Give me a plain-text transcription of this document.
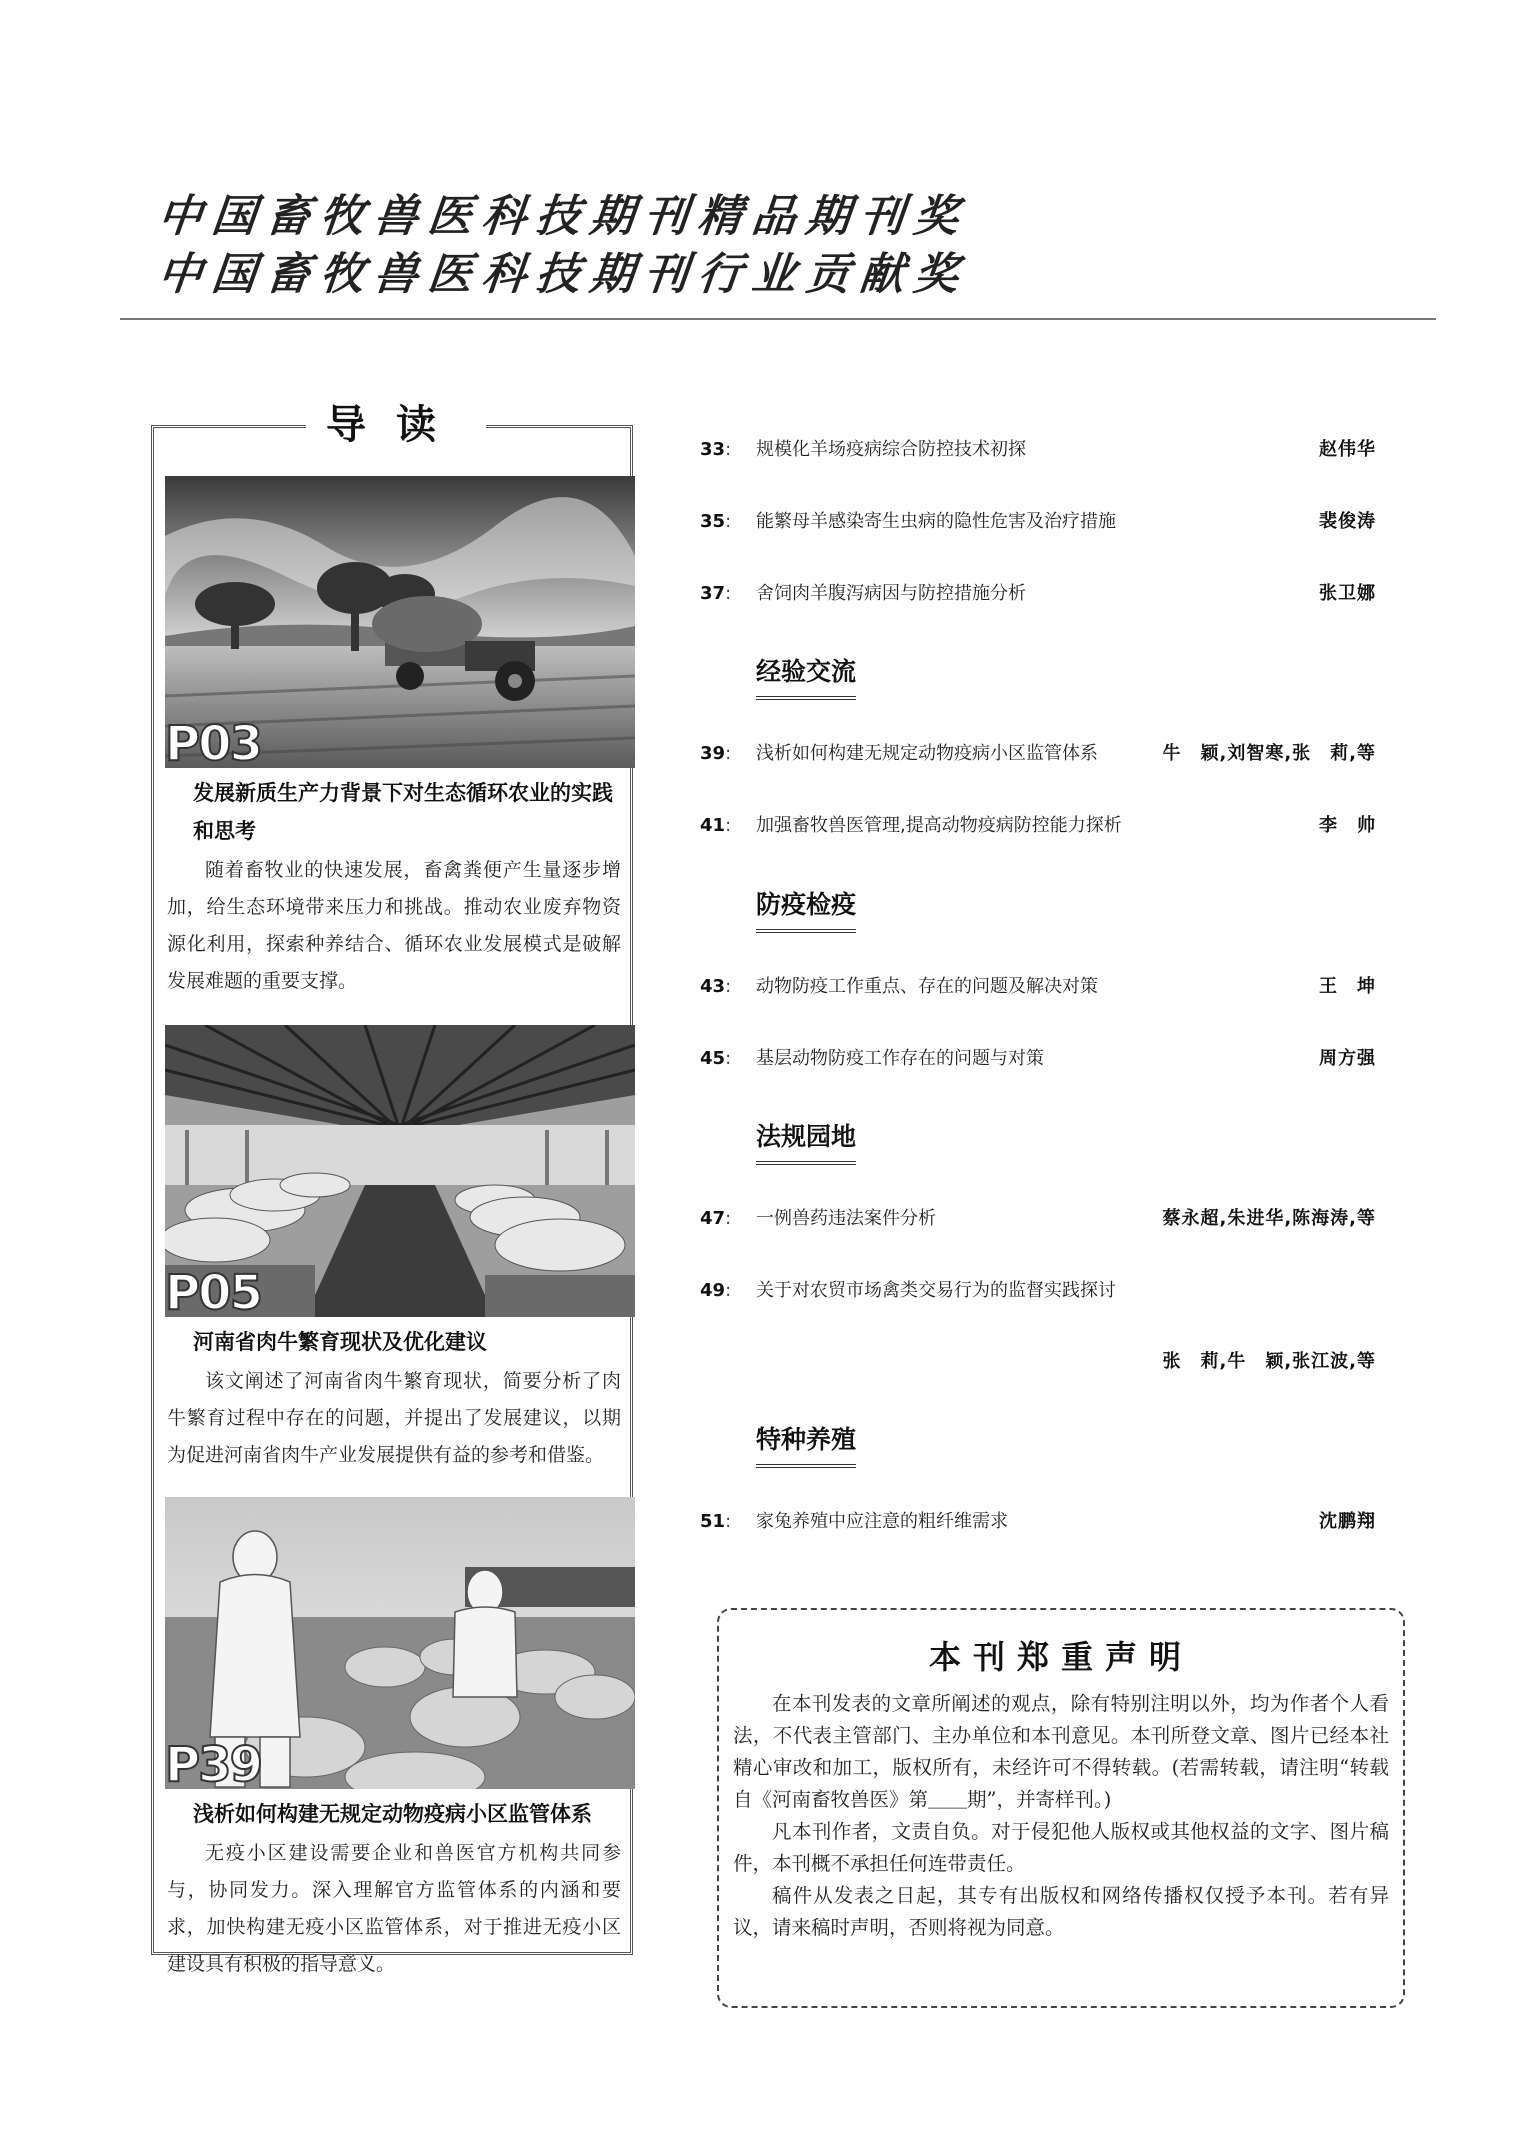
中国畜牧兽医科技期刊精品期刊奖
中国畜牧兽医科技期刊行业贡献奖
导读
P03
发展新质生产力背景下对生态循环农业的实践和思考
随着畜牧业的快速发展，畜禽粪便产生量逐步增加，给生态环境带来压力和挑战。推动农业废弃物资源化利用，探索种养结合、循环农业发展模式是破解发展难题的重要支撑。
P05
河南省肉牛繁育现状及优化建议
该文阐述了河南省肉牛繁育现状，简要分析了肉牛繁育过程中存在的问题，并提出了发展建议，以期为促进河南省肉牛产业发展提供有益的参考和借鉴。
P39
浅析如何构建无规定动物疫病小区监管体系
无疫小区建设需要企业和兽医官方机构共同参与，协同发力。深入理解官方监管体系的内涵和要求，加快构建无疫小区监管体系，对于推进无疫小区建设具有积极的指导意义。
33: 规模化羊场疫病综合防控技术初探	赵伟华
35: 能繁母羊感染寄生虫病的隐性危害及治疗措施	裴俊涛
37: 舍饲肉羊腹泻病因与防控措施分析	张卫娜
经验交流
39: 浅析如何构建无规定动物疫病小区监管体系	牛　颖,刘智寒,张　莉,等
41: 加强畜牧兽医管理,提高动物疫病防控能力探析	李　帅
防疫检疫
43: 动物防疫工作重点、存在的问题及解决对策	王　坤
45: 基层动物防疫工作存在的问题与对策	周方强
法规园地
47: 一例兽药违法案件分析	蔡永超,朱进华,陈海涛,等
49: 关于对农贸市场禽类交易行为的监督实践探讨
张　莉,牛　颖,张江波,等
特种养殖
51: 家兔养殖中应注意的粗纤维需求	沈鹏翔
本刊郑重声明

在本刊发表的文章所阐述的观点，除有特别注明以外，均为作者个人看法，不代表主管部门、主办单位和本刊意见。本刊所登文章、图片已经本社精心审改和加工，版权所有，未经许可不得转载。(若需转载，请注明“转载自《河南畜牧兽医》第＿＿期”，并寄样刊。)

凡本刊作者，文责自负。对于侵犯他人版权或其他权益的文字、图片稿件，本刊概不承担任何连带责任。

稿件从发表之日起，其专有出版权和网络传播权仅授予本刊。若有异议，请来稿时声明，否则将视为同意。
